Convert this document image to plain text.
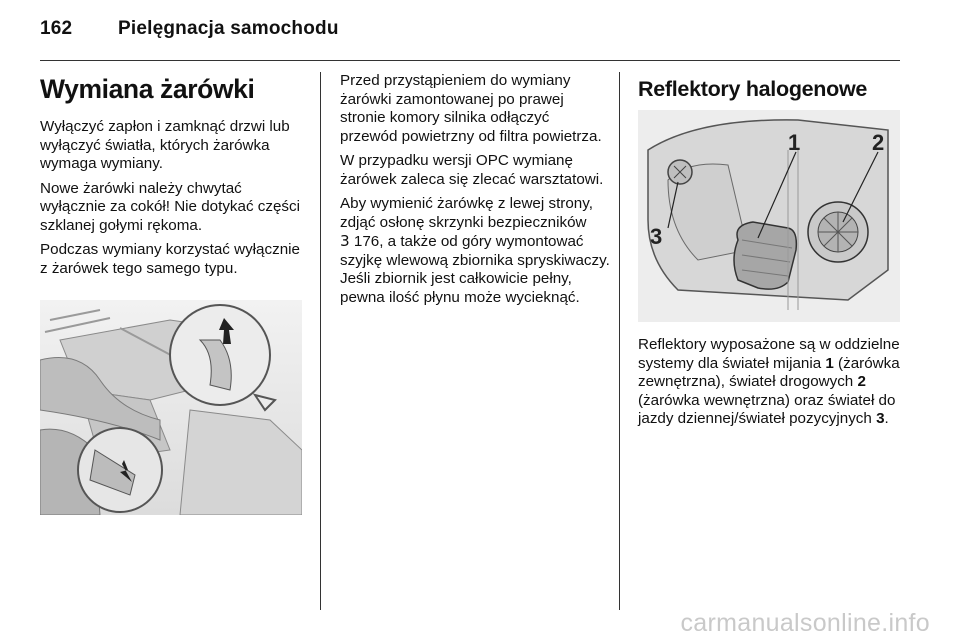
162 Pielęgnacja samochodu
Wymiana żarówki

Wyłączyć zapłon i zamknąć drzwi lub wyłączyć światła, których żarówka wymaga wymiany.

Nowe żarówki należy chwytać wyłącznie za cokół! Nie dotykać części szklanej gołymi rękoma.

Podczas wymiany korzystać wyłącznie z żarówek tego samego typu.

Przed przystąpieniem do wymiany żarówki zamontowanej po prawej stronie komory silnika odłączyć przewód powietrzny od filtra powietrza.

W przypadku wersji OPC wymianę żarówek zaleca się zlecać warsztatowi.

Aby wymienić żarówkę z lewej strony, zdjąć osłonę skrzynki bezpieczników
3 176, a także od góry wymontować szyjkę wlewową zbiornika spryskiwaczy. Jeśli zbiornik jest całkowicie pełny, pewna ilość płynu może wycieknąć.

Reflektory halogenowe
1	2
3

Reflektory wyposażone są w oddzielne systemy dla świateł mijania 1 (żarówka zewnętrzna), świateł drogowych 2 (żarówka wewnętrzna) oraz świateł do jazdy dziennej/świateł pozycyjnych 3.

carmanualsonline.info
